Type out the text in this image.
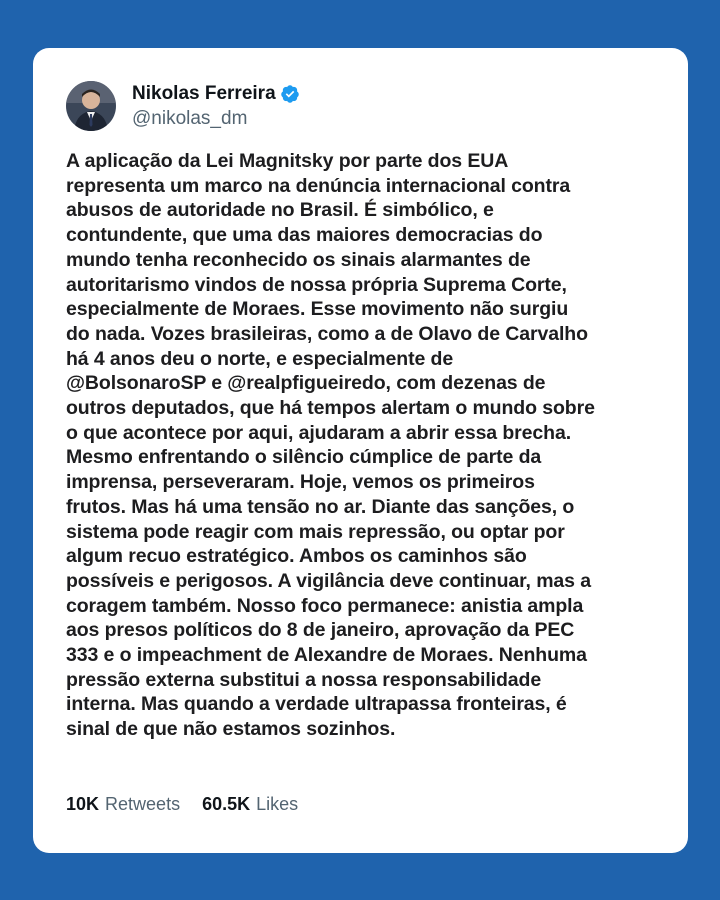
Nikolas Ferreira
@nikolas_dm

A aplicação da Lei Magnitsky por parte dos EUA
representa um marco na denúncia internacional contra
abusos de autoridade no Brasil. É simbólico, e
contundente, que uma das maiores democracias do
mundo tenha reconhecido os sinais alarmantes de
autoritarismo vindos de nossa própria Suprema Corte,
especialmente de Moraes. Esse movimento não surgiu
do nada. Vozes brasileiras, como a de Olavo de Carvalho
há 4 anos deu o norte, e especialmente de
@BolsonaroSP e @realpfigueiredo, com dezenas de
outros deputados, que há tempos alertam o mundo sobre
o que acontece por aqui, ajudaram a abrir essa brecha.
Mesmo enfrentando o silêncio cúmplice de parte da
imprensa, perseveraram. Hoje, vemos os primeiros
frutos. Mas há uma tensão no ar. Diante das sanções, o
sistema pode reagir com mais repressão, ou optar por
algum recuo estratégico. Ambos os caminhos são
possíveis e perigosos. A vigilância deve continuar, mas a
coragem também. Nosso foco permanece: anistia ampla
aos presos políticos do 8 de janeiro, aprovação da PEC
333 e o impeachment de Alexandre de Moraes. Nenhuma
pressão externa substitui a nossa responsabilidade
interna. Mas quando a verdade ultrapassa fronteiras, é
sinal de que não estamos sozinhos.

10K Retweets 60.5K Likes
